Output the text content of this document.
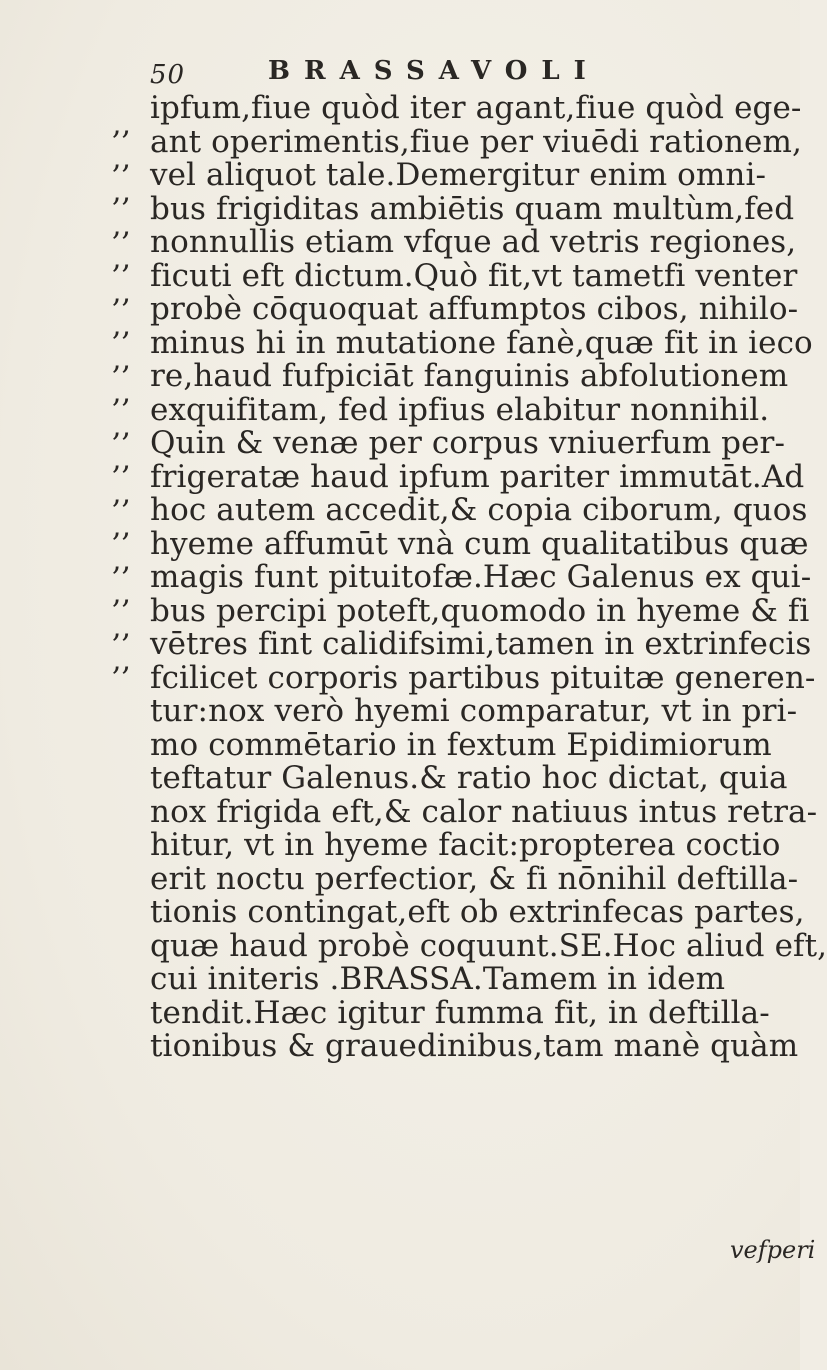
50	BRASSAVOLI
,,
,,
,,
,,
,,
,,
,,
,,
,,
,,
,,
,,
,,
,,
,,
,,
,,
ipfum,fiue quòd iter agant,fiue quòd ege-
ant operimentis,fiue per viuēdi rationem,
vel aliquot tale.Demergitur enim omni-
bus frigiditas ambiētis quam multùm,fed
nonnullis etiam vfque ad vetris regiones,
ficuti eft dictum.Quò fit,vt tametfi venter
probè cōquoquat affumptos cibos, nihilo-
minus hi in mutatione fanè,quæ fit in ieco
re,haud fufpiciāt fanguinis abfolutionem
exquifitam, fed ipfius elabitur nonnihil.
Quin & venæ per corpus vniuerfum per-
frigeratæ haud ipfum pariter immutāt.Ad
hoc autem accedit,& copia ciborum, quos
hyeme affumūt vnà cum qualitatibus quæ
magis funt pituitofæ.Hæc Galenus ex qui-
bus percipi poteft,quomodo in hyeme & fi
vētres fint calidifsimi,tamen in extrinfecis
fcilicet corporis partibus pituitæ generen-
tur:nox verò hyemi comparatur, vt in pri-
mo commētario in fextum Epidimiorum
teftatur Galenus.& ratio hoc dictat, quia
nox frigida eft,& calor natiuus intus retra-
hitur, vt in hyeme facit:propterea coctio
erit noctu perfectior, & fi nōnihil deftilla-
tionis contingat,eft ob extrinfecas partes,
quæ haud probè coquunt.SE.Hoc aliud eft,
cui initeris .BRASSA.Tamem in idem
tendit.Hæc igitur fumma fit, in deftilla-
tionibus & grauedinibus,tam manè quàm
vefperi
